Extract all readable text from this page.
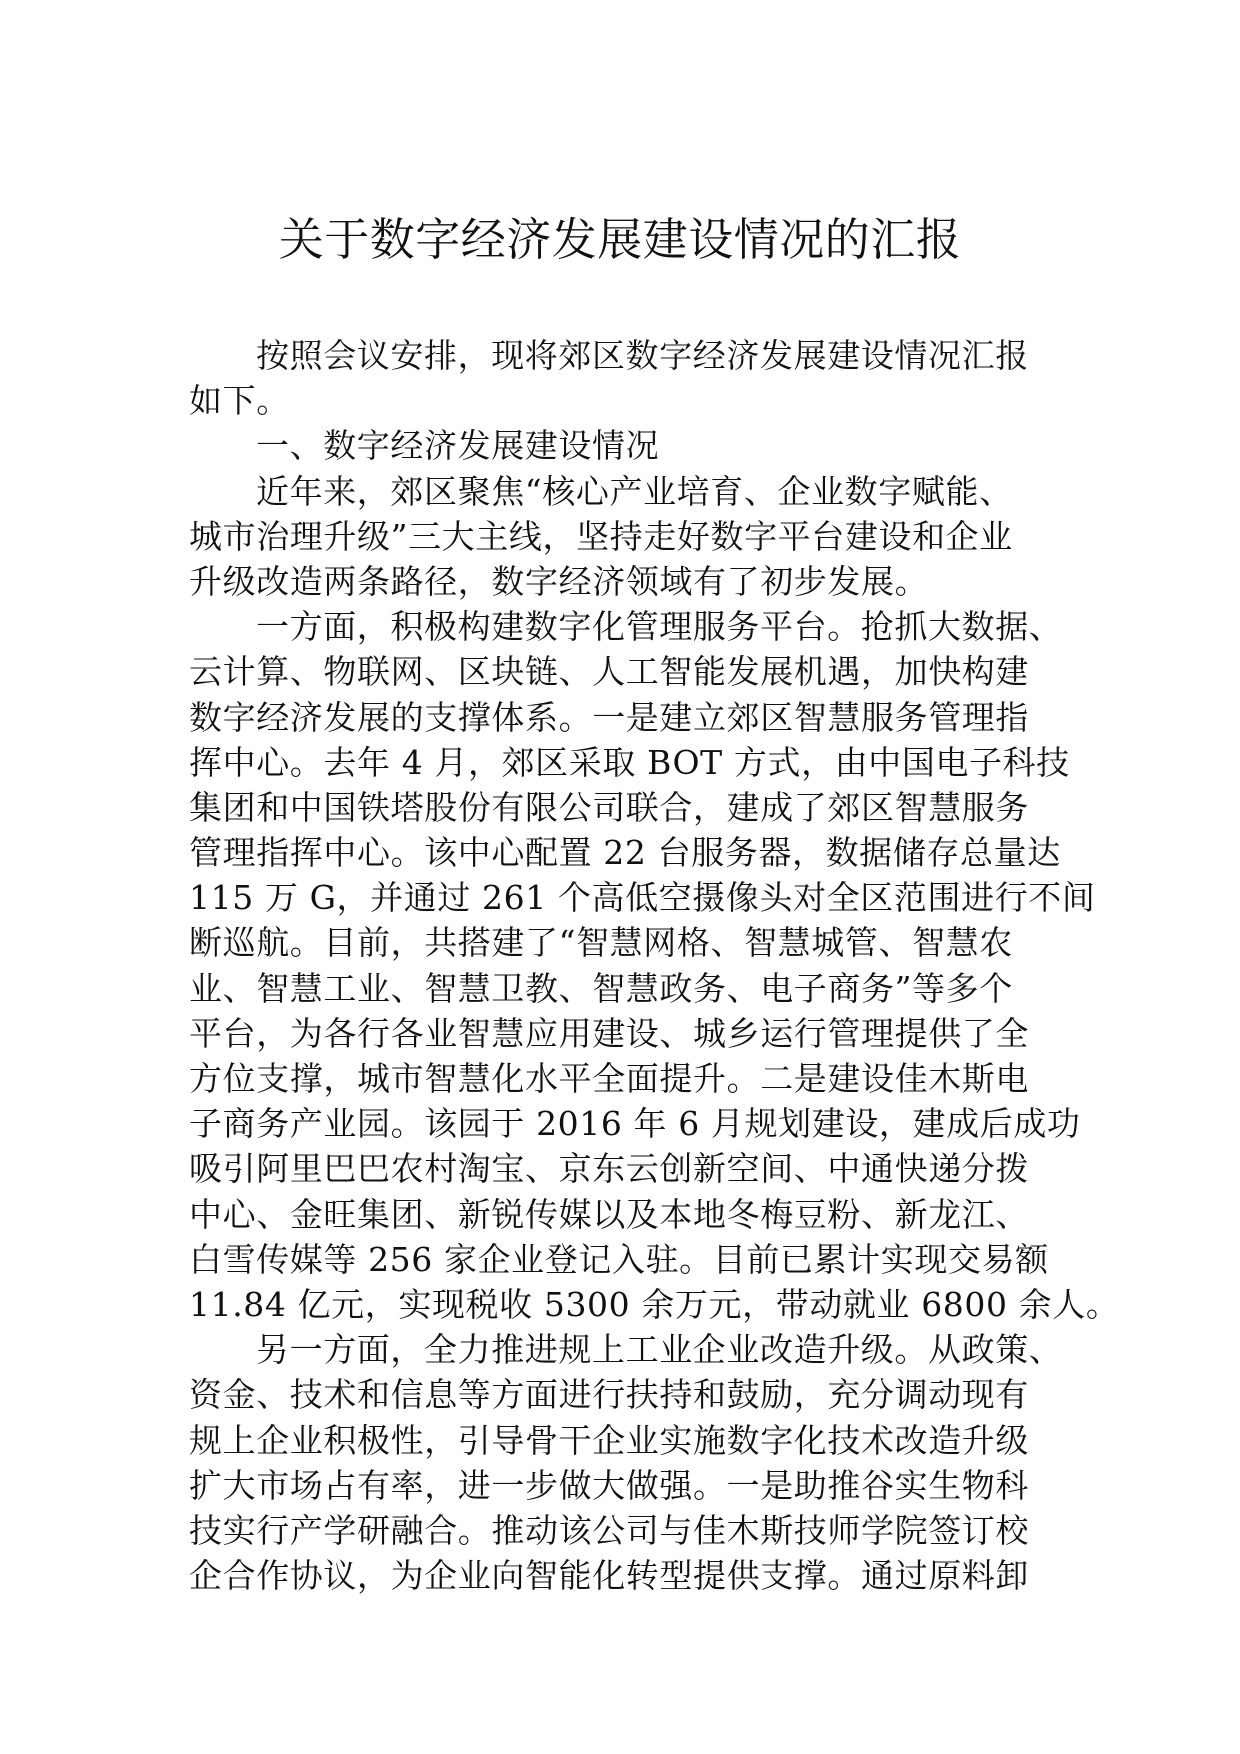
关于数字经济发展建设情况的汇报
按照会议安排，现将郊区数字经济发展建设情况汇报
如下。
一、数字经济发展建设情况
近年来，郊区聚焦“核心产业培育、企业数字赋能、
城市治理升级”三大主线，坚持走好数字平台建设和企业
升级改造两条路径，数字经济领域有了初步发展。
一方面，积极构建数字化管理服务平台。抢抓大数据、
云计算、物联网、区块链、人工智能发展机遇，加快构建
数字经济发展的支撑体系。一是建立郊区智慧服务管理指
挥中心。去年 4 月，郊区采取 BOT 方式，由中国电子科技
集团和中国铁塔股份有限公司联合，建成了郊区智慧服务
管理指挥中心。该中心配置 22 台服务器，数据储存总量达
115 万 G，并通过 261 个高低空摄像头对全区范围进行不间
断巡航。目前，共搭建了“智慧网格、智慧城管、智慧农
业、智慧工业、智慧卫教、智慧政务、电子商务”等多个
平台，为各行各业智慧应用建设、城乡运行管理提供了全
方位支撑，城市智慧化水平全面提升。二是建设佳木斯电
子商务产业园。该园于 2016 年 6 月规划建设，建成后成功
吸引阿里巴巴农村淘宝、京东云创新空间、中通快递分拨
中心、金旺集团、新锐传媒以及本地冬梅豆粉、新龙江、
白雪传媒等 256 家企业登记入驻。目前已累计实现交易额
11.84 亿元，实现税收 5300 余万元，带动就业 6800 余人。
另一方面，全力推进规上工业企业改造升级。从政策、
资金、技术和信息等方面进行扶持和鼓励，充分调动现有
规上企业积极性，引导骨干企业实施数字化技术改造升级
扩大市场占有率，进一步做大做强。一是助推谷实生物科
技实行产学研融合。推动该公司与佳木斯技师学院签订校
企合作协议，为企业向智能化转型提供支撑。通过原料卸
